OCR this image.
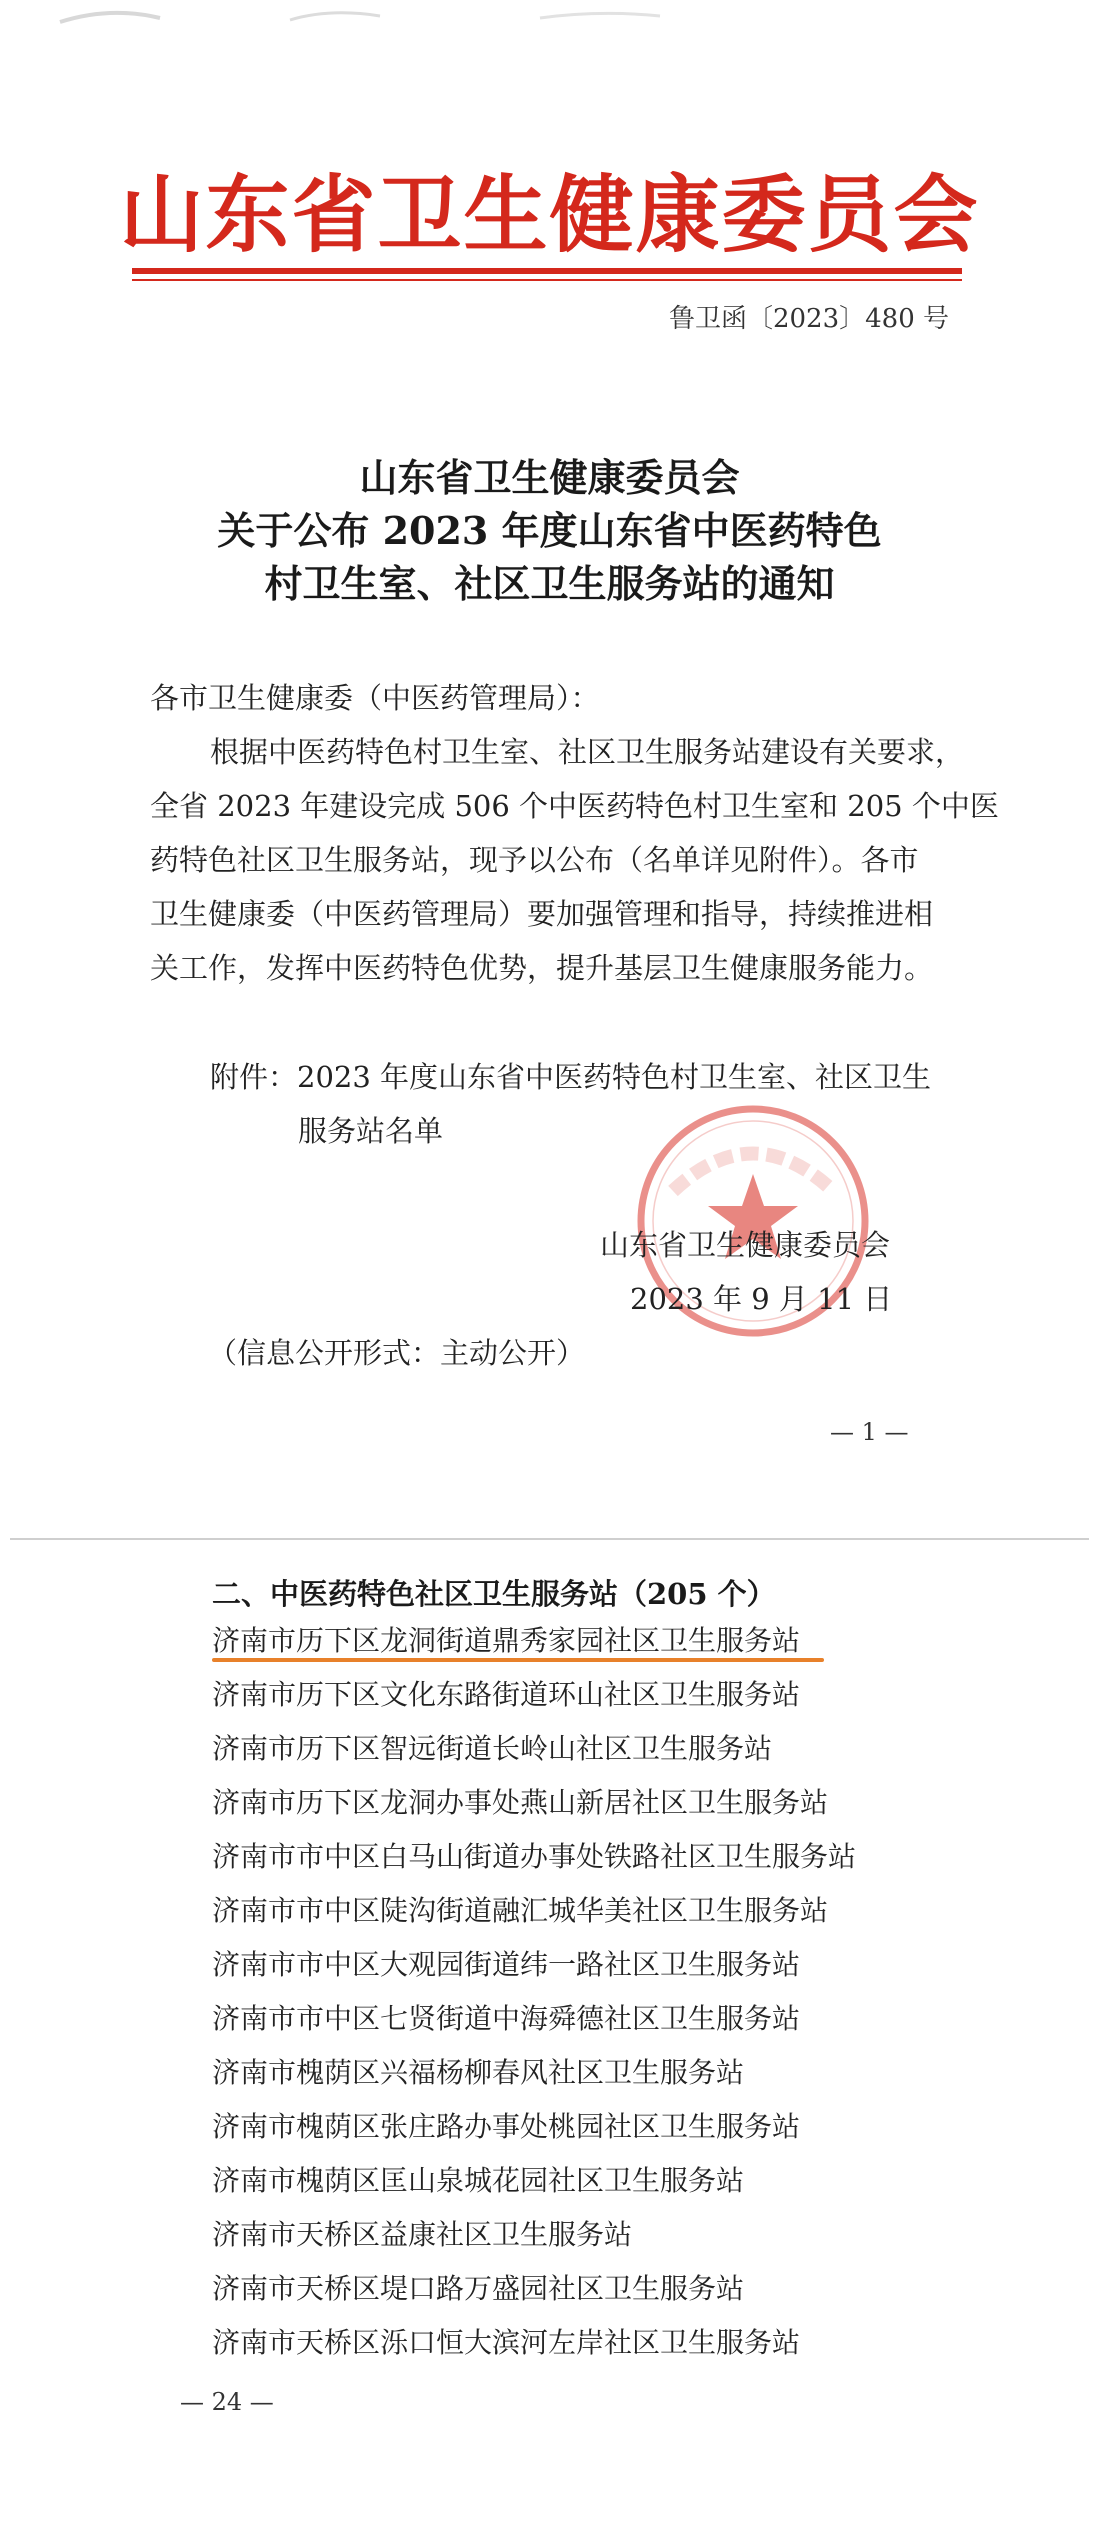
山东省卫生健康委员会
鲁卫函〔2023〕480 号
山东省卫生健康委员会
关于公布 2023 年度山东省中医药特色
村卫生室、社区卫生服务站的通知
各市卫生健康委（中医药管理局）：
根据中医药特色村卫生室、社区卫生服务站建设有关要求，
全省 2023 年建设完成 506 个中医药特色村卫生室和 205 个中医
药特色社区卫生服务站，现予以公布（名单详见附件）。各市
卫生健康委（中医药管理局）要加强管理和指导，持续推进相
关工作，发挥中医药特色优势，提升基层卫生健康服务能力。
附件：2023 年度山东省中医药特色村卫生室、社区卫生
服务站名单
山东省卫生健康委员会
2023 年 9 月 11 日
（信息公开形式：主动公开）
— 1 —
二、中医药特色社区卫生服务站（205 个）
济南市历下区龙洞街道鼎秀家园社区卫生服务站
济南市历下区文化东路街道环山社区卫生服务站
济南市历下区智远街道长岭山社区卫生服务站
济南市历下区龙洞办事处燕山新居社区卫生服务站
济南市市中区白马山街道办事处铁路社区卫生服务站
济南市市中区陡沟街道融汇城华美社区卫生服务站
济南市市中区大观园街道纬一路社区卫生服务站
济南市市中区七贤街道中海舜德社区卫生服务站
济南市槐荫区兴福杨柳春风社区卫生服务站
济南市槐荫区张庄路办事处桃园社区卫生服务站
济南市槐荫区匡山泉城花园社区卫生服务站
济南市天桥区益康社区卫生服务站
济南市天桥区堤口路万盛园社区卫生服务站
济南市天桥区泺口恒大滨河左岸社区卫生服务站
— 24 —
